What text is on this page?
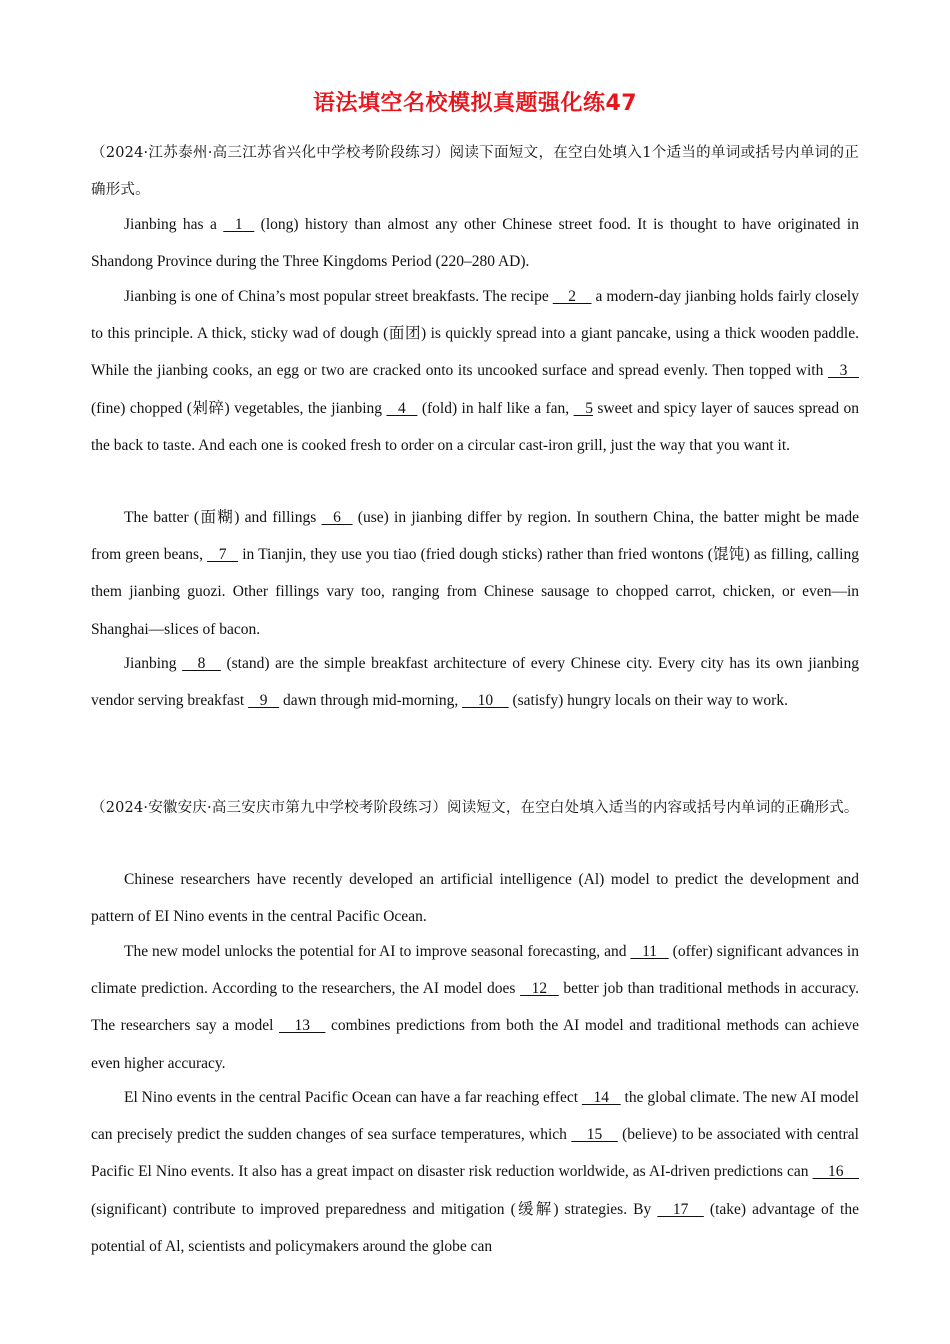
语法填空名校模拟真题强化练47

（2024·江苏泰州·高三江苏省兴化中学校考阶段练习）阅读下面短文，在空白处填入1个适当的单词或括号内单词的正确形式。

Jianbing has a    1    (long) history than almost any other Chinese street food. It is thought to have originated in Shandong Province during the Three Kingdoms Period (220–280 AD).

Jianbing is one of China’s most popular street breakfasts. The recipe     2     a modern-day jianbing holds fairly closely to this principle. A thick, sticky wad of dough (面团) is quickly spread into a giant pancake, using a thick wooden paddle. While the jianbing cooks, an egg or two are cracked onto its uncooked surface and spread evenly. Then topped with    3    (fine) chopped (剁碎) vegetables, the jianbing    4    (fold) in half like a fan,    5 sweet and spicy layer of sauces spread on the back to taste. And each one is cooked fresh to order on a circular cast-iron grill, just the way that you want it.

The batter (面糊) and fillings    6    (use) in jianbing differ by region. In southern China, the batter might be made from green beans,    7    in Tianjin, they use you tiao (fried dough sticks) rather than fried wontons (馄饨) as filling, calling them jianbing guozi. Other fillings vary too, ranging from Chinese sausage to chopped carrot, chicken, or even—in Shanghai—slices of bacon.

Jianbing     8     (stand) are the simple breakfast architecture of every Chinese city. Every city has its own jianbing vendor serving breakfast    9    dawn through mid-morning,     10     (satisfy) hungry locals on their way to work.

（2024·安徽安庆·高三安庆市第九中学校考阶段练习）阅读短文，在空白处填入适当的内容或括号内单词的正确形式。

Chinese researchers have recently developed an artificial intelligence (Al) model to predict the development and pattern of EI Nino events in the central Pacific Ocean.

The new model unlocks the potential for AI to improve seasonal forecasting, and    11    (offer) significant advances in climate prediction. According to the researchers, the AI model does    12    better job than traditional methods in accuracy. The researchers say a model     13     combines predictions from both the AI model and traditional methods can achieve even higher accuracy.

El Nino events in the central Pacific Ocean can have a far reaching effect    14    the global climate. The new AI model can precisely predict the sudden changes of sea surface temperatures, which     15     (believe) to be associated with central Pacific El Nino events. It also has a great impact on disaster risk reduction worldwide, as AI-driven predictions can     16     (significant) contribute to improved preparedness and mitigation (缓解) strategies. By     17     (take) advantage of the potential of Al, scientists and policymakers around the globe can
